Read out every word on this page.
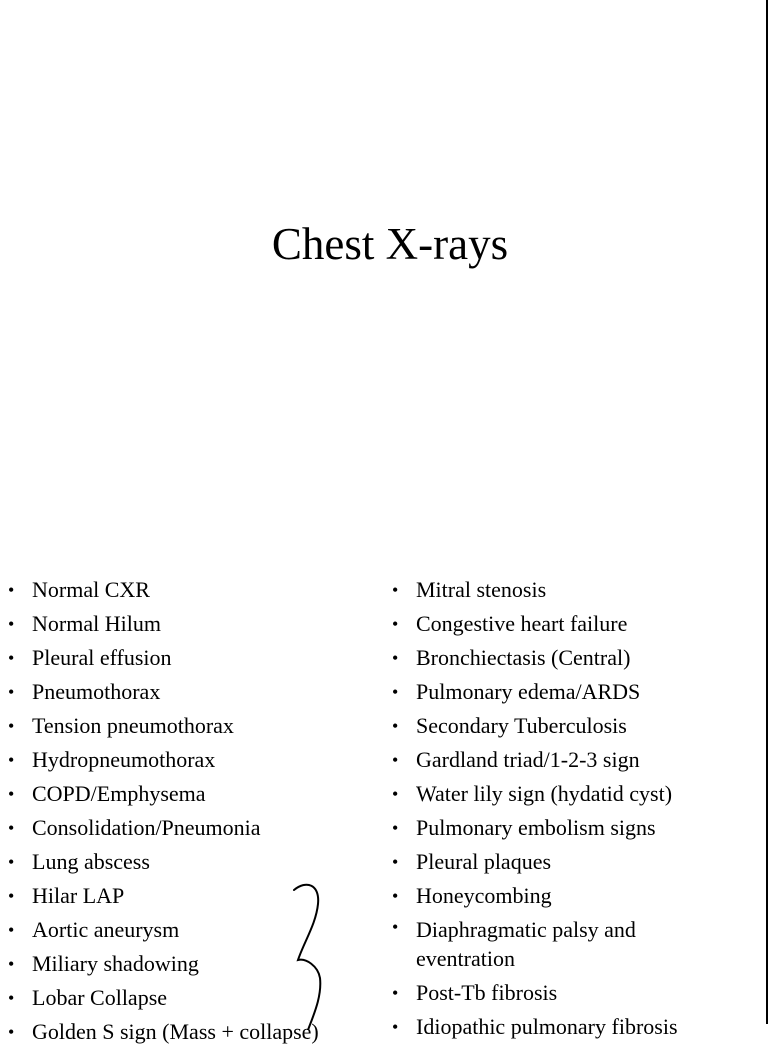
Chest X-rays
• Normal CXR
• Normal Hilum
• Pleural effusion
• Pneumothorax
• Tension pneumothorax
• Hydropneumothorax
• COPD/Emphysema
• Consolidation/Pneumonia
• Lung abscess
• Hilar LAP
• Aortic aneurysm
• Miliary shadowing
• Lobar Collapse
• Golden S sign (Mass + collapse)
• Mitral stenosis
• Congestive heart failure
• Bronchiectasis (Central)
• Pulmonary edema/ARDS
• Secondary Tuberculosis
• Gardland triad/1-2-3 sign
• Water lily sign (hydatid cyst)
• Pulmonary embolism signs
• Pleural plaques
• Honeycombing
• Diaphragmatic palsy and eventration
• Post-Tb fibrosis
• Idiopathic pulmonary fibrosis
